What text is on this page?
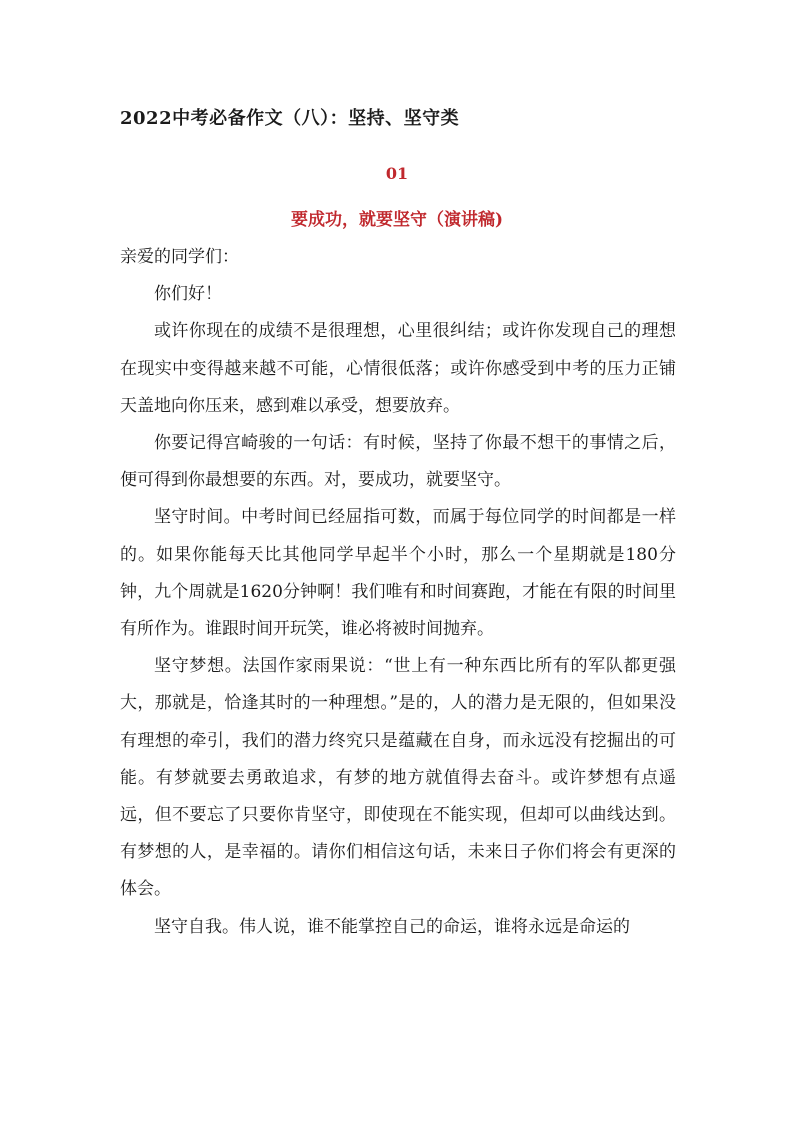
2022中考必备作文（八）：坚持、坚守类
01
要成功，就要坚守（演讲稿)

亲爱的同学们：

你们好！

或许你现在的成绩不是很理想，心里很纠结；或许你发现自己的理想在现实中变得越来越不可能，心情很低落；或许你感受到中考的压力正铺天盖地向你压来，感到难以承受，想要放弃。

你要记得宫崎骏的一句话：有时候，坚持了你最不想干的事情之后，便可得到你最想要的东西。对，要成功，就要坚守。

坚守时间。中考时间已经屈指可数，而属于每位同学的时间都是一样的。如果你能每天比其他同学早起半个小时，那么一个星期就是180分钟，九个周就是1620分钟啊！我们唯有和时间赛跑，才能在有限的时间里有所作为。谁跟时间开玩笑，谁必将被时间抛弃。

坚守梦想。法国作家雨果说：“世上有一种东西比所有的军队都更强大，那就是，恰逢其时的一种理想。”是的，人的潜力是无限的，但如果没有理想的牵引，我们的潜力终究只是蕴藏在自身，而永远没有挖掘出的可能。有梦就要去勇敢追求，有梦的地方就值得去奋斗。或许梦想有点遥远，但不要忘了只要你肯坚守，即使现在不能实现，但却可以曲线达到。有梦想的人，是幸福的。请你们相信这句话，未来日子你们将会有更深的体会。

坚守自我。伟人说，谁不能掌控自己的命运，谁将永远是命运的
